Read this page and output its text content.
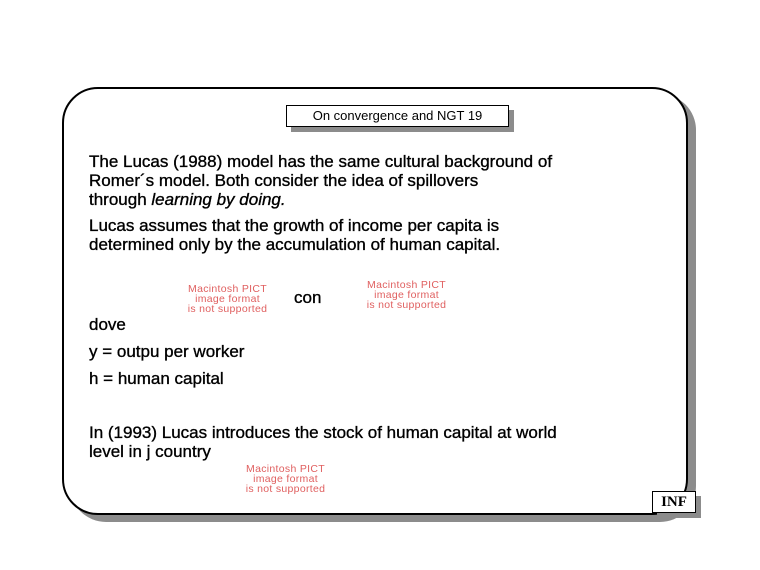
On convergence and NGT 19
The Lucas (1988) model has the same cultural background of
Romer´s model. Both consider the idea of spillovers
through learning by doing.
Lucas assumes that the growth of income per capita is
determined only by the accumulation of human capital.
Macintosh PICT
image format
is not supported
con
Macintosh PICT
image format
is not supported
dove
y = outpu per worker
h = human capital
In (1993) Lucas introduces the stock of human capital at world
level in j country
Macintosh PICT
image format
is not supported
INF
